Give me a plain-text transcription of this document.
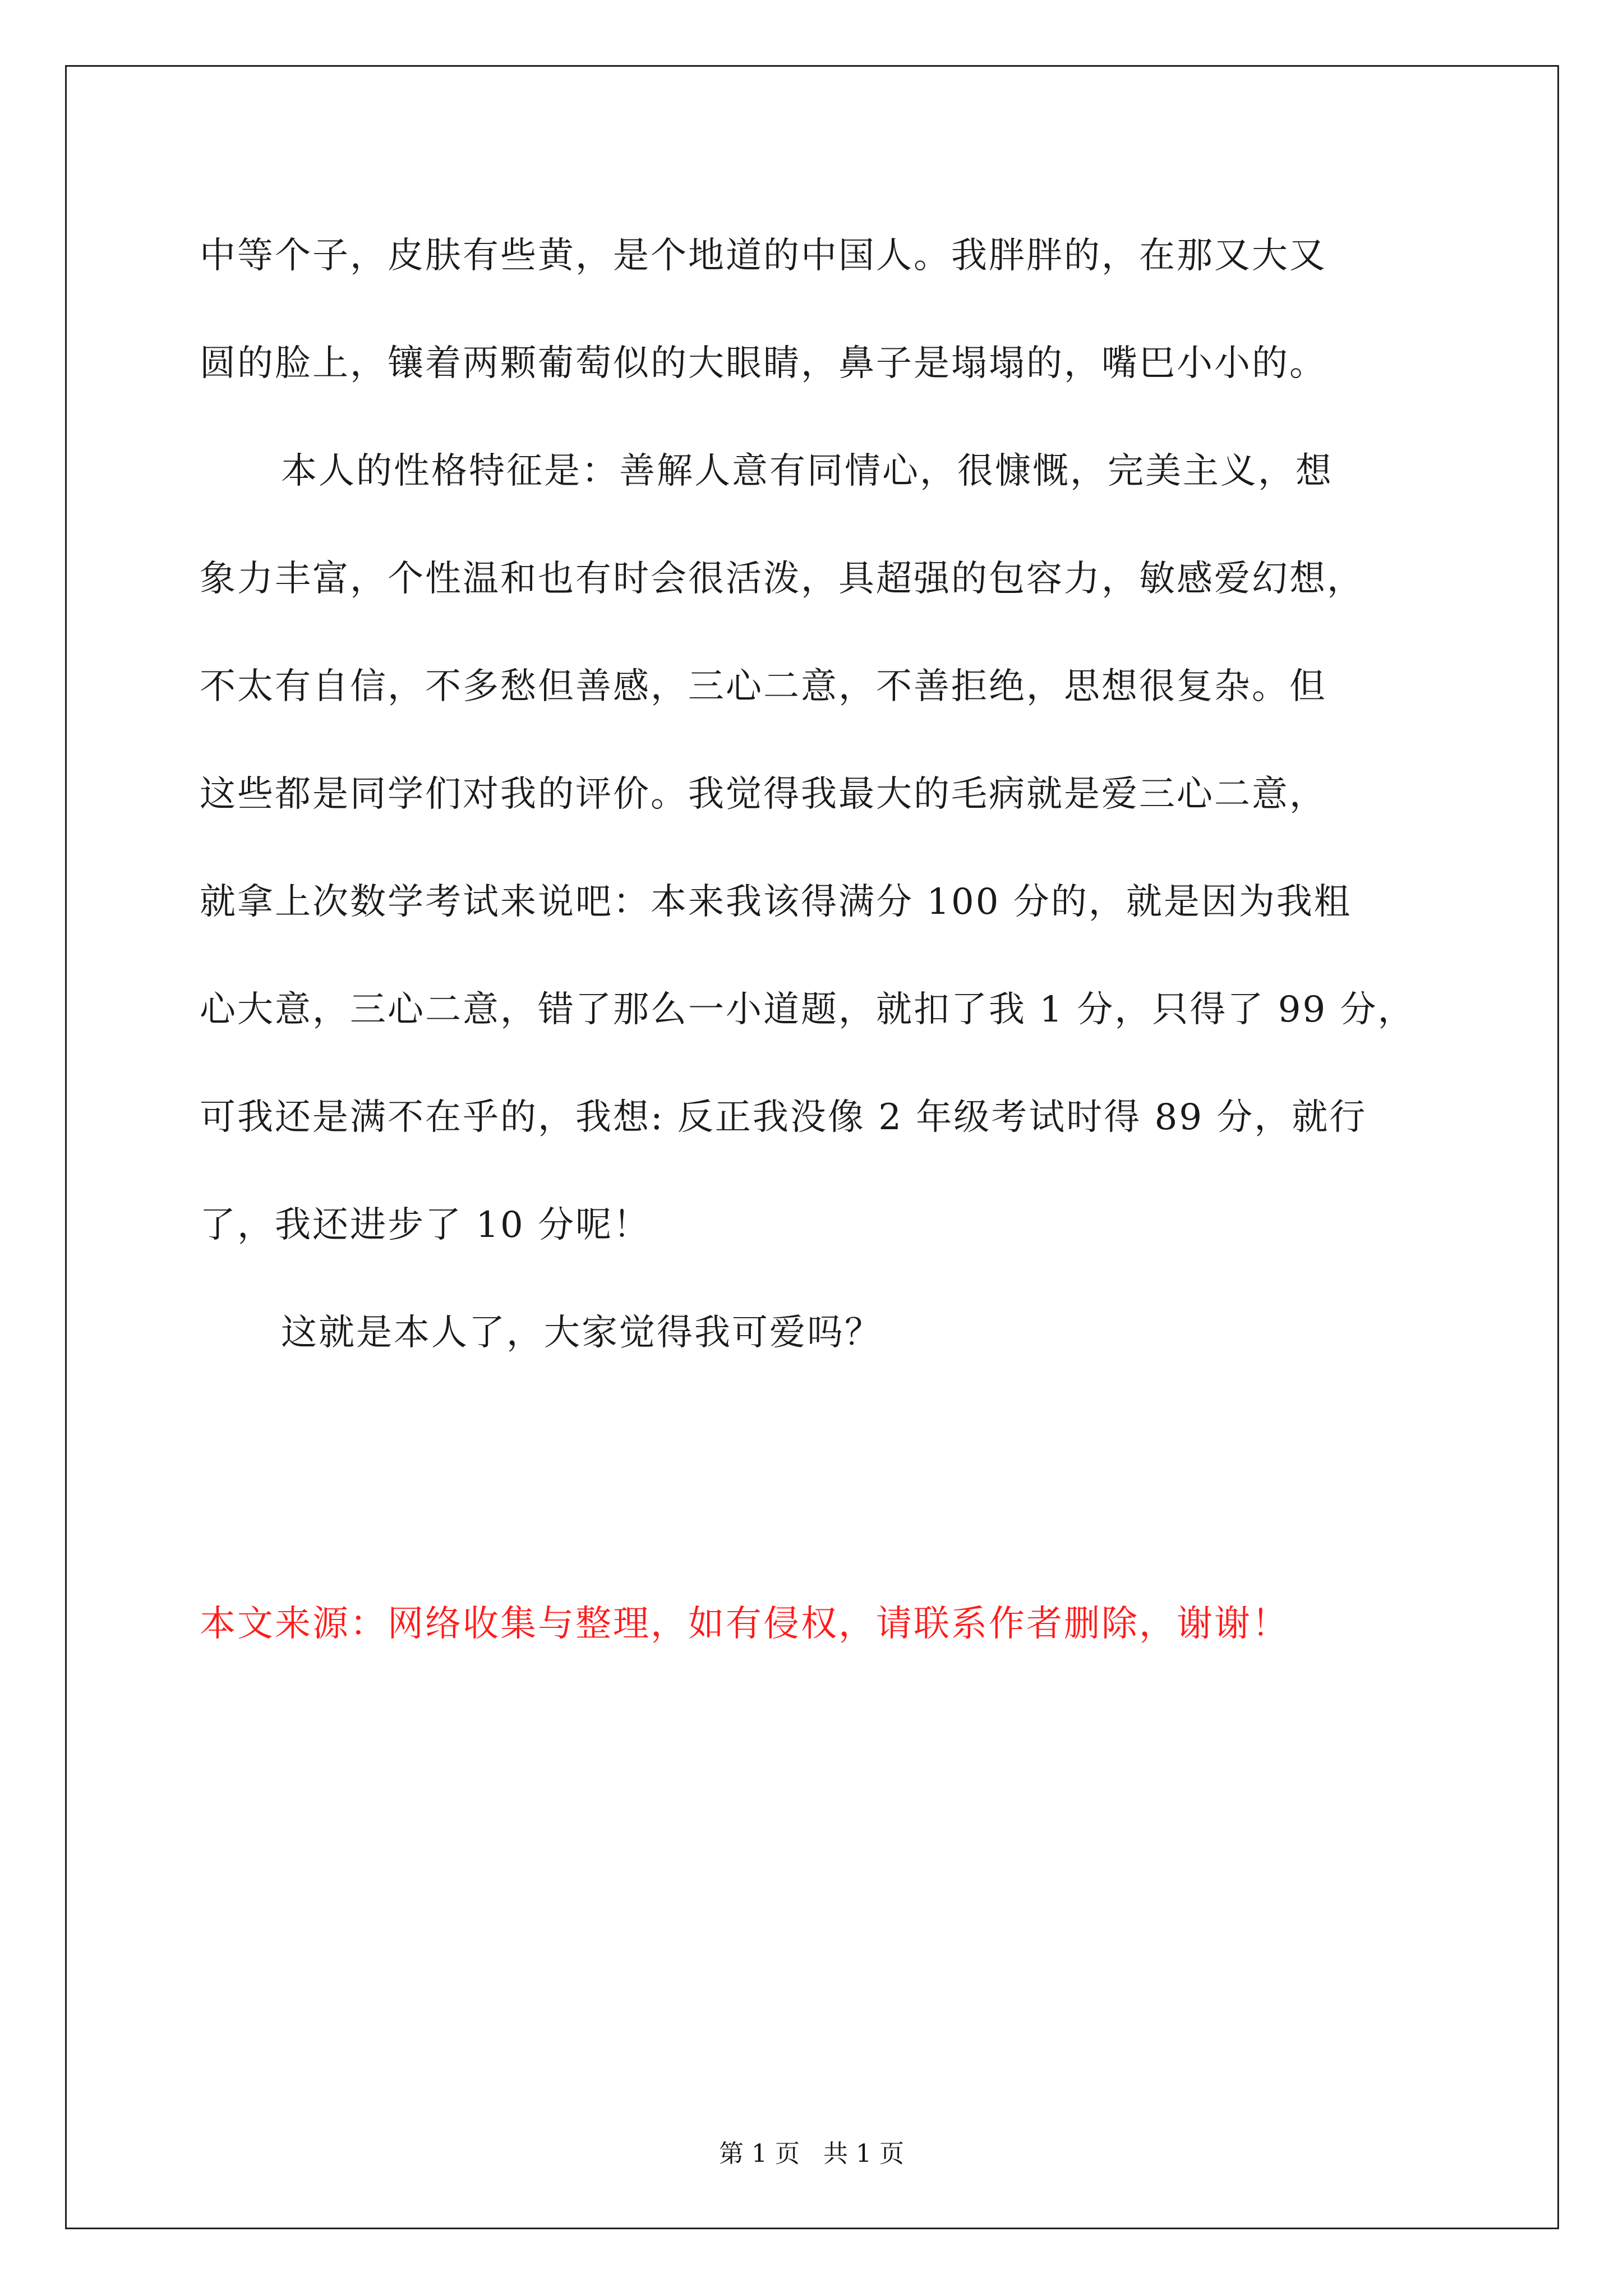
中等个子，皮肤有些黄，是个地道的中国人。我胖胖的，在那又大又
圆的脸上，镶着两颗葡萄似的大眼睛，鼻子是塌塌的，嘴巴小小的。

本人的性格特征是：善解人意有同情心，很慷慨，完美主义，想
象力丰富，个性温和也有时会很活泼，具超强的包容力，敏感爱幻想，
不太有自信，不多愁但善感，三心二意，不善拒绝，思想很复杂。但
这些都是同学们对我的评价。我觉得我最大的毛病就是爱三心二意，
就拿上次数学考试来说吧：本来我该得满分 100 分的，就是因为我粗
心大意，三心二意，错了那么一小道题，就扣了我 1 分，只得了 99 分，
可我还是满不在乎的，我想: 反正我没像 2 年级考试时得 89 分，就行
了，我还进步了 10 分呢！

这就是本人了，大家觉得我可爱吗？

本文来源：网络收集与整理，如有侵权，请联系作者删除，谢谢！
第 1 页 共 1 页
